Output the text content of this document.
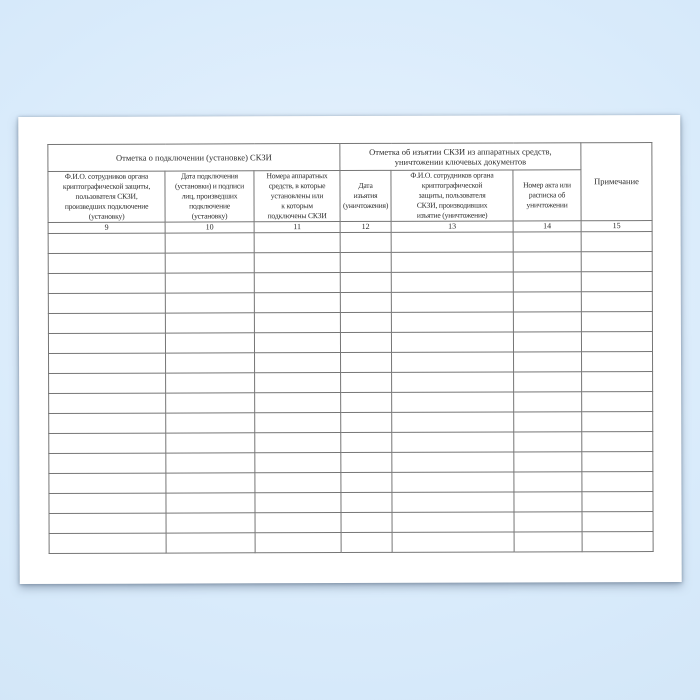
Отметка о подключении (установке) СКЗИ			Отметка об изъятии СКЗИ из аппаратных средств,
уничтожении ключевых документов			Примечание
Ф.И.О. сотрудников органа
криптографической защиты,
пользователя СКЗИ,
произведших подключение
(установку)	Дата подключения
(установки) и подписи
лиц, произведших
подключение
(установку)	Номера аппаратных
средств, в которые
установлены или
к которым
подключены СКЗИ	Дата
изъятия
(уничтожения)	Ф.И.О. сотрудников органа
криптографической
защиты, пользователя
СКЗИ, производивших
изъятие (уничтожение)	Номер акта или
расписка об
уничтожении	
9	10	11	12	13	14	15
